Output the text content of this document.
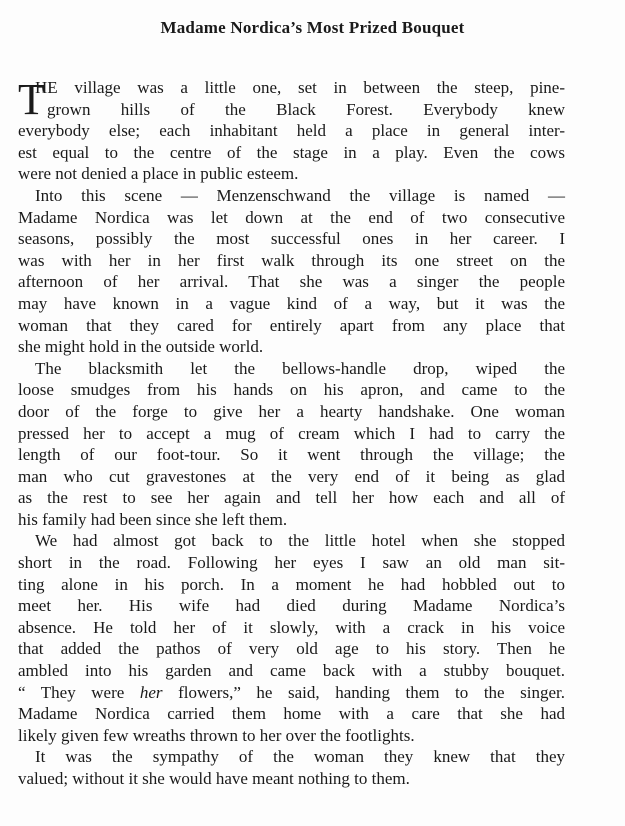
Madame Nordica’s Most Prized Bouquet
T
HE village was a little one, set in between the steep, pine-
grown hills of the Black Forest. Everybody knew
everybody else; each inhabitant held a place in general inter-
est equal to the centre of the stage in a play. Even the cows
were not denied a place in public esteem.
Into this scene — Menzenschwand the village is named —
Madame Nordica was let down at the end of two consecutive
seasons, possibly the most successful ones in her career. I
was with her in her first walk through its one street on the
afternoon of her arrival. That she was a singer the people
may have known in a vague kind of a way, but it was the
woman that they cared for entirely apart from any place that
she might hold in the outside world.
The blacksmith let the bellows-handle drop, wiped the
loose smudges from his hands on his apron, and came to the
door of the forge to give her a hearty handshake. One woman
pressed her to accept a mug of cream which I had to carry the
length of our foot-tour. So it went through the village; the
man who cut gravestones at the very end of it being as glad
as the rest to see her again and tell her how each and all of
his family had been since she left them.
We had almost got back to the little hotel when she stopped
short in the road. Following her eyes I saw an old man sit-
ting alone in his porch. In a moment he had hobbled out to
meet her. His wife had died during Madame Nordica’s
absence. He told her of it slowly, with a crack in his voice
that added the pathos of very old age to his story. Then he
ambled into his garden and came back with a stubby bouquet.
“ They were her flowers,” he said, handing them to the singer.
Madame Nordica carried them home with a care that she had
likely given few wreaths thrown to her over the footlights.
It was the sympathy of the woman they knew that they
valued; without it she would have meant nothing to them.
